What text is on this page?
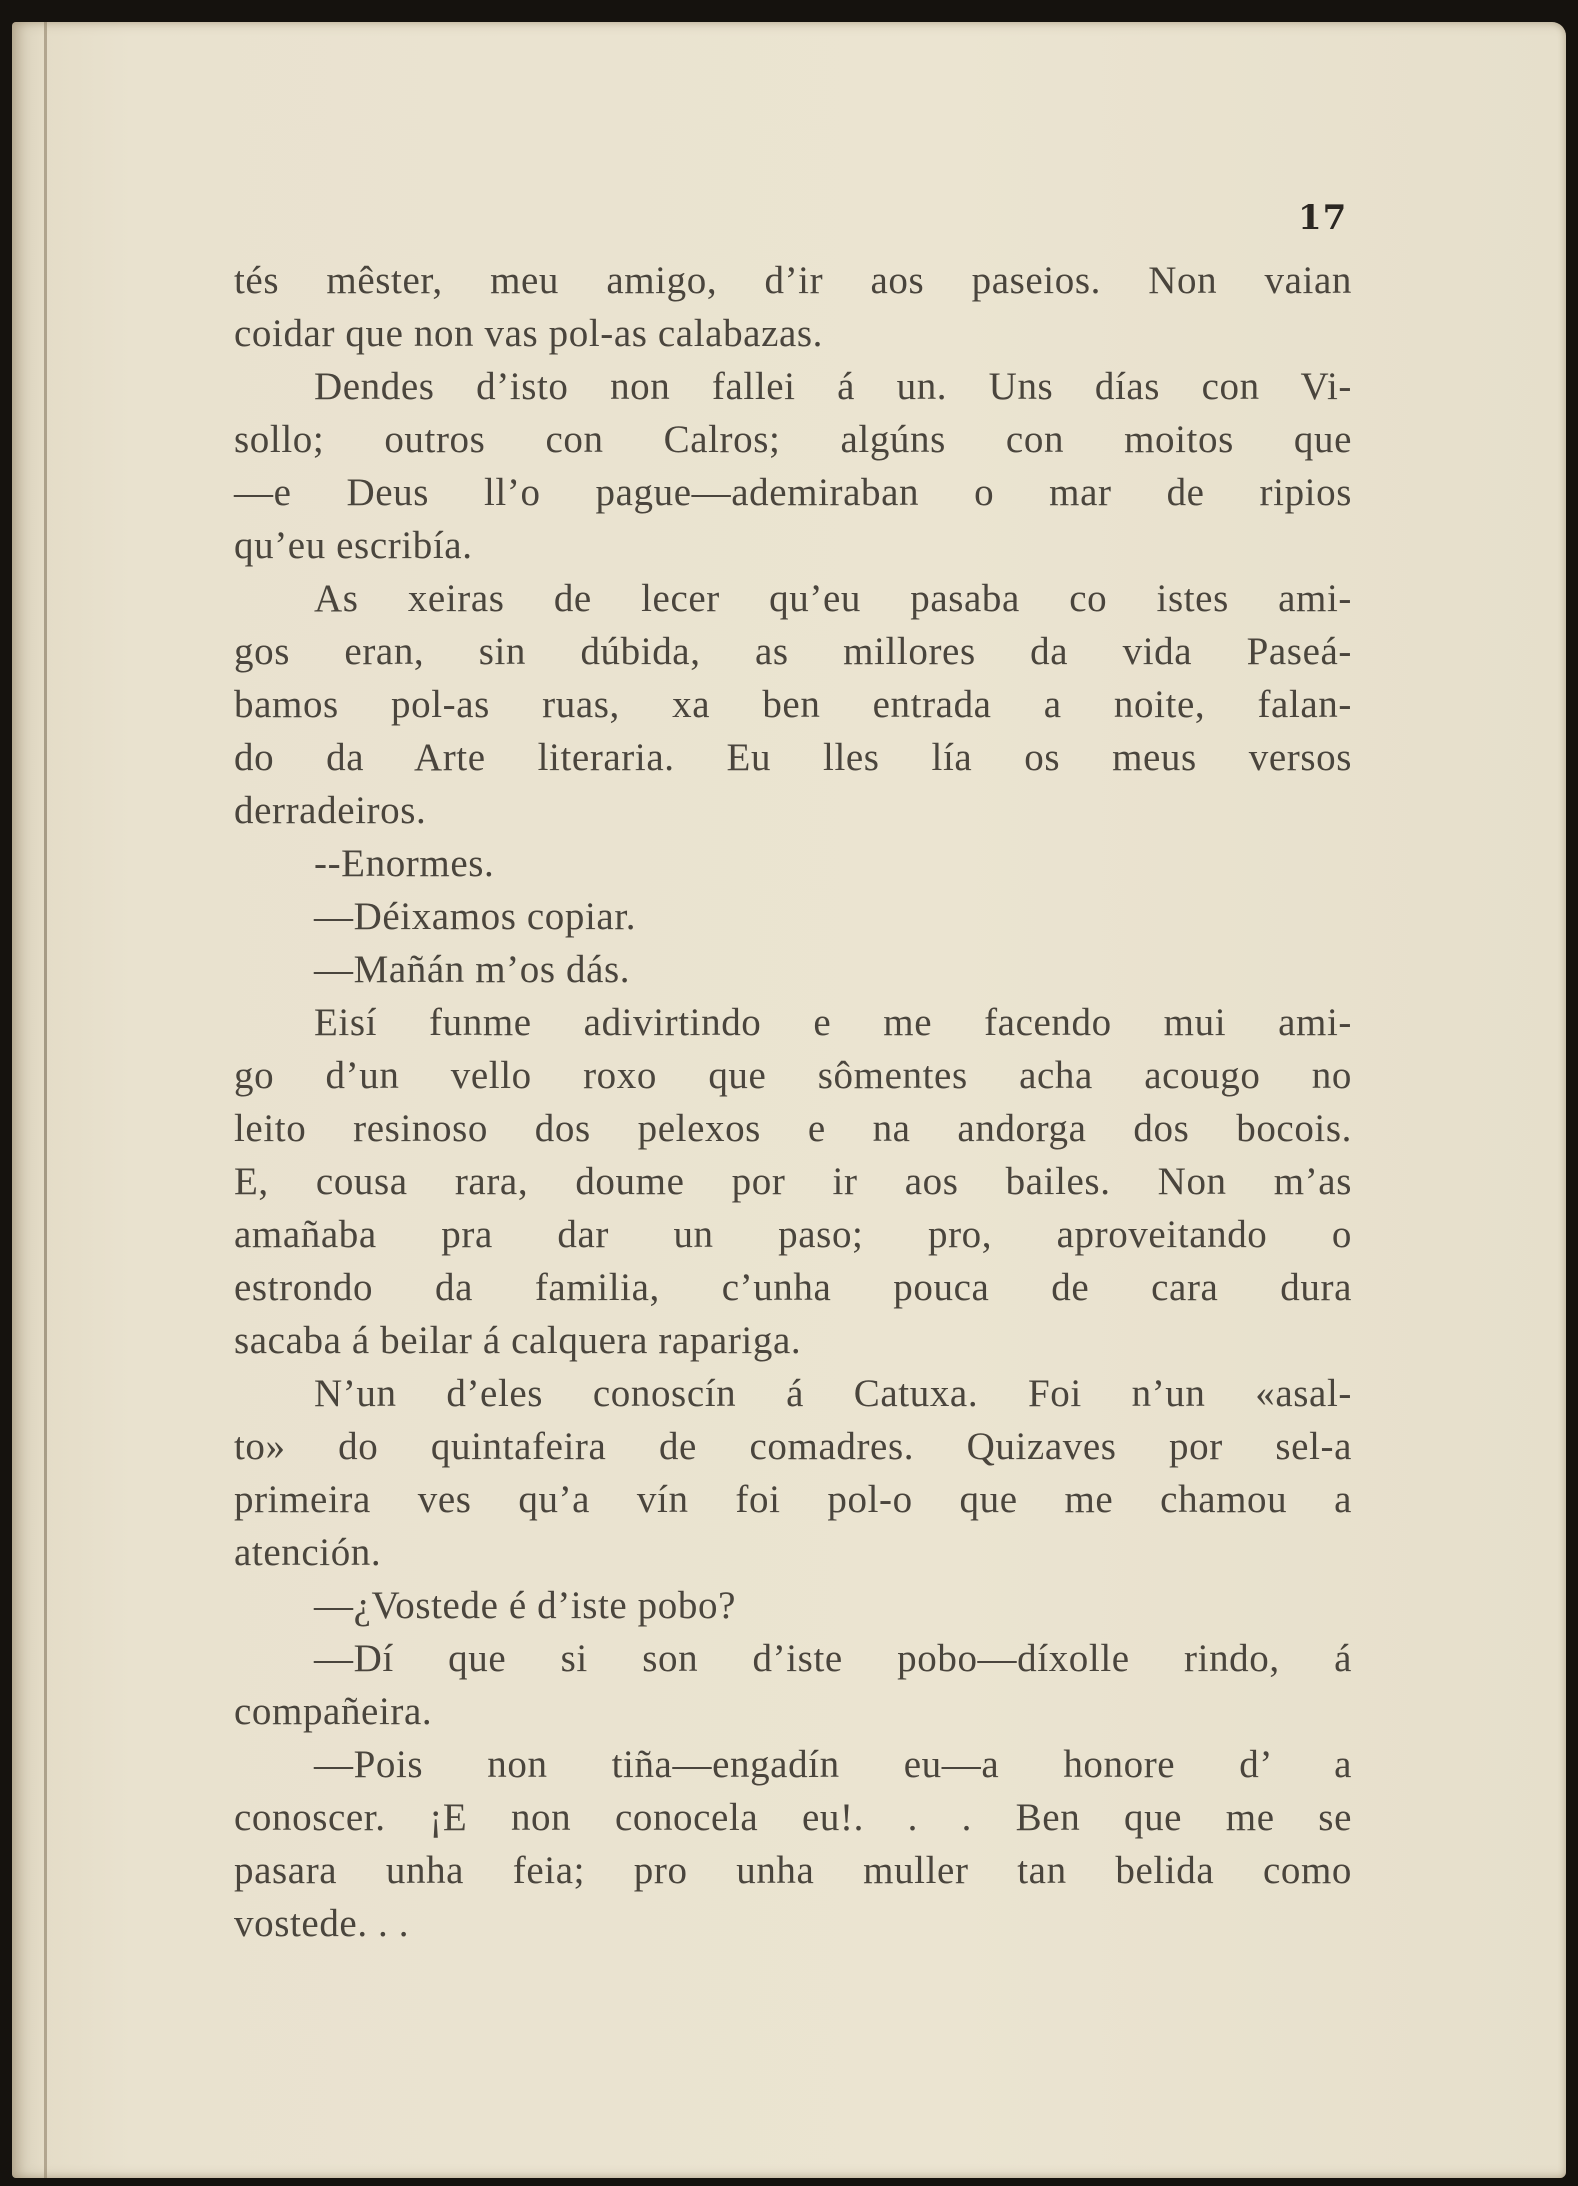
17
tés mêster, meu amigo, d’ir aos paseios. Non vaian
coidar que non vas pol-as calabazas.
Dendes d’isto non fallei á un. Uns días con Vi-
sollo; outros con Calros; algúns con moitos que
—e Deus ll’o pague—ademiraban o mar de ripios
qu’eu escribía.
As xeiras de lecer qu’eu pasaba co istes ami-
gos eran, sin dúbida, as millores da vida Paseá-
bamos pol-as ruas, xa ben entrada a noite, falan-
do da Arte literaria. Eu lles lía os meus versos
derradeiros.
--Enormes.
—Déixamos copiar.
—Mañán m’os dás.
Eisí funme adivirtindo e me facendo mui ami-
go d’un vello roxo que sômentes acha acougo no
leito resinoso dos pelexos e na andorga dos bocois.
E, cousa rara, doume por ir aos bailes. Non m’as
amañaba pra dar un paso; pro, aproveitando o
estrondo da familia, c’unha pouca de cara dura
sacaba á beilar á calquera rapariga.
N’un d’eles conoscín á Catuxa. Foi n’un «asal-
to» do quintafeira de comadres. Quizaves por sel-a
primeira ves qu’a vín foi pol-o que me chamou a
atención.
—¿Vostede é d’iste pobo?
—Dí que si son d’iste pobo—díxolle rindo, á
compañeira.
—Pois non tiña—engadín eu—a honore d’ a
conoscer. ¡E non conocela eu!. . . Ben que me se
pasara unha feia; pro unha muller tan belida como
vostede. . .
